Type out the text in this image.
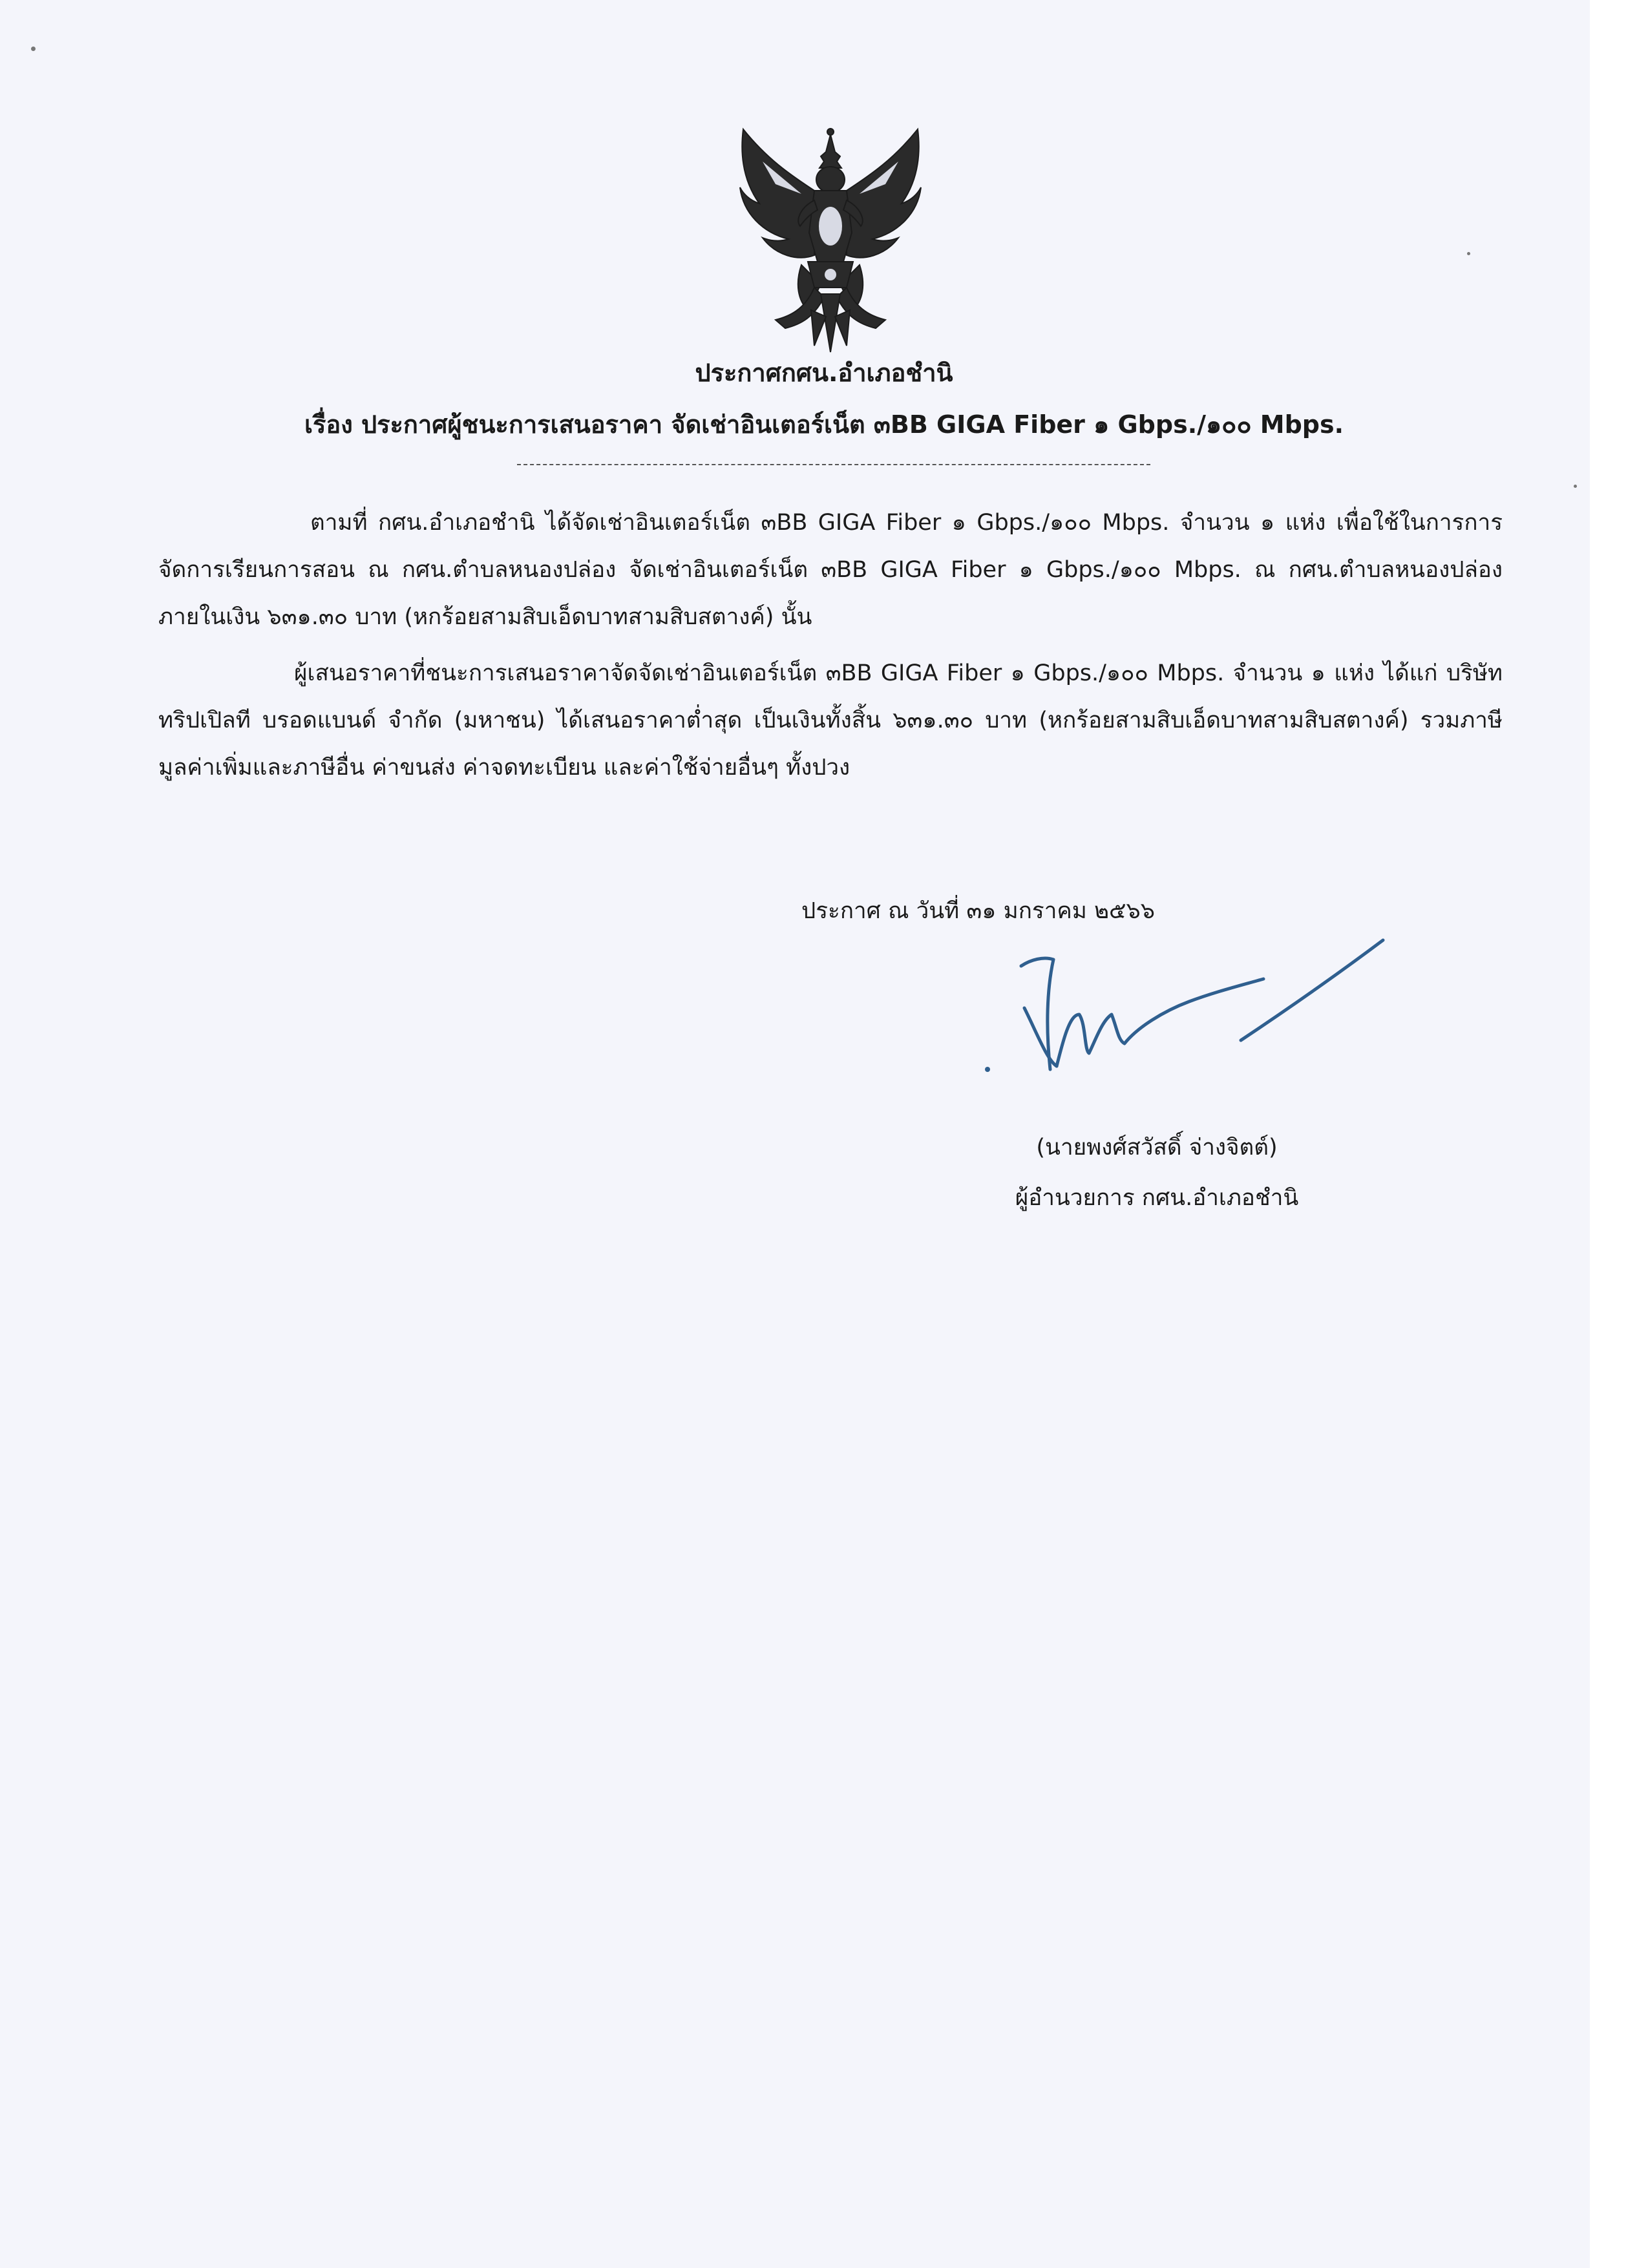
ประกาศกศน.อำเภอชำนิ
เรื่อง ประกาศผู้ชนะการเสนอราคา จัดเช่าอินเตอร์เน็ต ๓BB GIGA Fiber ๑ Gbps./๑๐๐ Mbps.
ตามที่ กศน.อำเภอชำนิ ได้จัดเช่าอินเตอร์เน็ต ๓BB GIGA Fiber ๑ Gbps./๑๐๐ Mbps. จำนวน ๑ แห่ง เพื่อใช้ในการการจัดการเรียนการสอน ณ กศน.ตำบลหนองปล่อง จัดเช่าอินเตอร์เน็ต ๓BB GIGA Fiber ๑ Gbps./๑๐๐ Mbps. ณ กศน.ตำบลหนองปล่อง ภายในเงิน ๖๓๑.๓๐ บาท (หกร้อยสามสิบเอ็ดบาทสามสิบสตางค์) นั้น
ผู้เสนอราคาที่ชนะการเสนอราคาจัดจัดเช่าอินเตอร์เน็ต ๓BB GIGA Fiber ๑ Gbps./๑๐๐ Mbps. จำนวน ๑ แห่ง ได้แก่ บริษัท ทริปเปิลที บรอดแบนด์ จำกัด (มหาชน) ได้เสนอราคาต่ำสุด เป็นเงินทั้งสิ้น ๖๓๑.๓๐ บาท (หกร้อยสามสิบเอ็ดบาทสามสิบสตางค์) รวมภาษีมูลค่าเพิ่มและภาษีอื่น ค่าขนส่ง ค่าจดทะเบียน และค่าใช้จ่ายอื่นๆ ทั้งปวง
ประกาศ ณ วันที่ ๓๑ มกราคม ๒๕๖๖
(นายพงศ์สวัสดิ์ จ่างจิตต์)
ผู้อำนวยการ กศน.อำเภอชำนิ
